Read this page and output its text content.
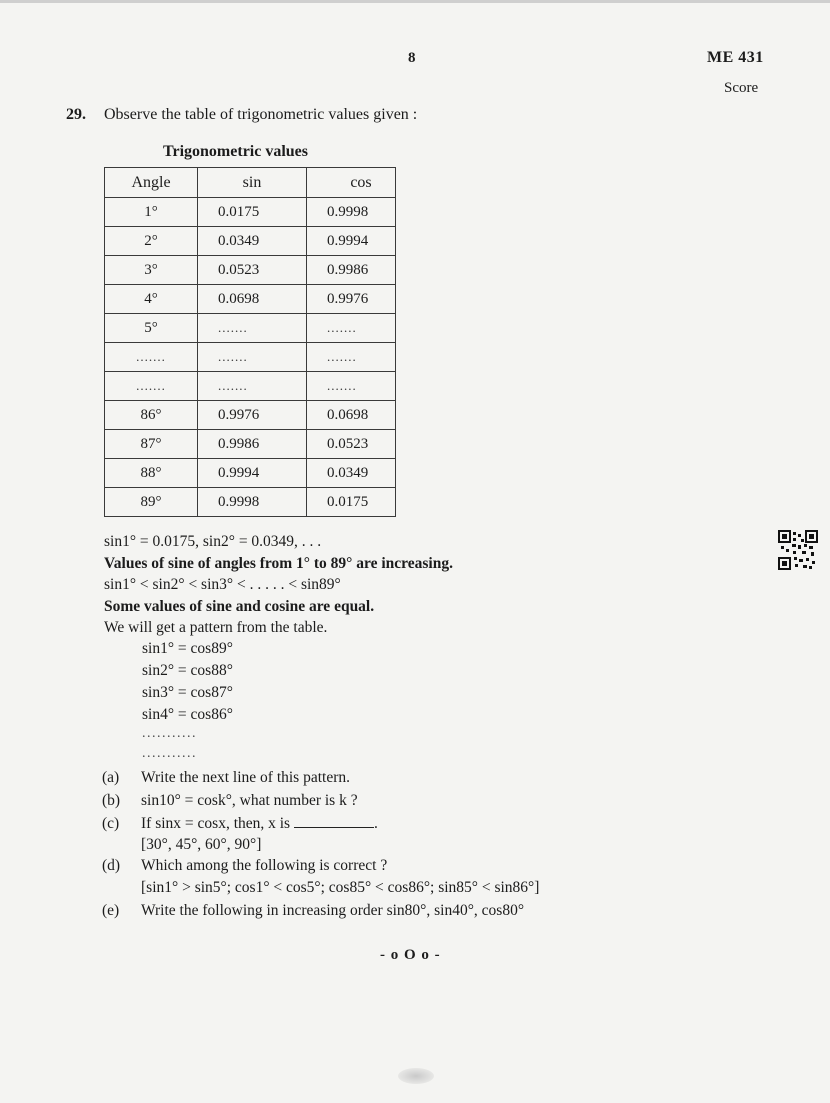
8	ME 431
Score
29. Observe the table of trigonometric values given :
Trigonometric values
Angle	sin	cos
1°	0.0175	0.9998
2°	0.0349	0.9994
3°	0.0523	0.9986
4°	0.0698	0.9976
5°	.......	.......
.......	.......	.......
.......	.......	.......
86°	0.9976	0.0698
87°	0.9986	0.0523
88°	0.9994	0.0349
89°	0.9998	0.0175
sin1° = 0.0175, sin2° = 0.0349, . . .
Values of sine of angles from 1° to 89° are increasing.
sin1° < sin2° < sin3° < . . . . . < sin89°
Some values of sine and cosine are equal.
We will get a pattern from the table.
sin1° = cos89°
sin2° = cos88°
sin3° = cos87°
sin4° = cos86°
...........
...........
(a) Write the next line of this pattern.
(b) sin10° = cosk°, what number is k ?
(c) If sinx = cosx, then, x is	.
[30°, 45°, 60°, 90°]
(d) Which among the following is correct ?
[sin1° > sin5°; cos1° < cos5°; cos85° < cos86°; sin85° < sin86°]
(e) Write the following in increasing order sin80°, sin40°, cos80°
- o O o -
